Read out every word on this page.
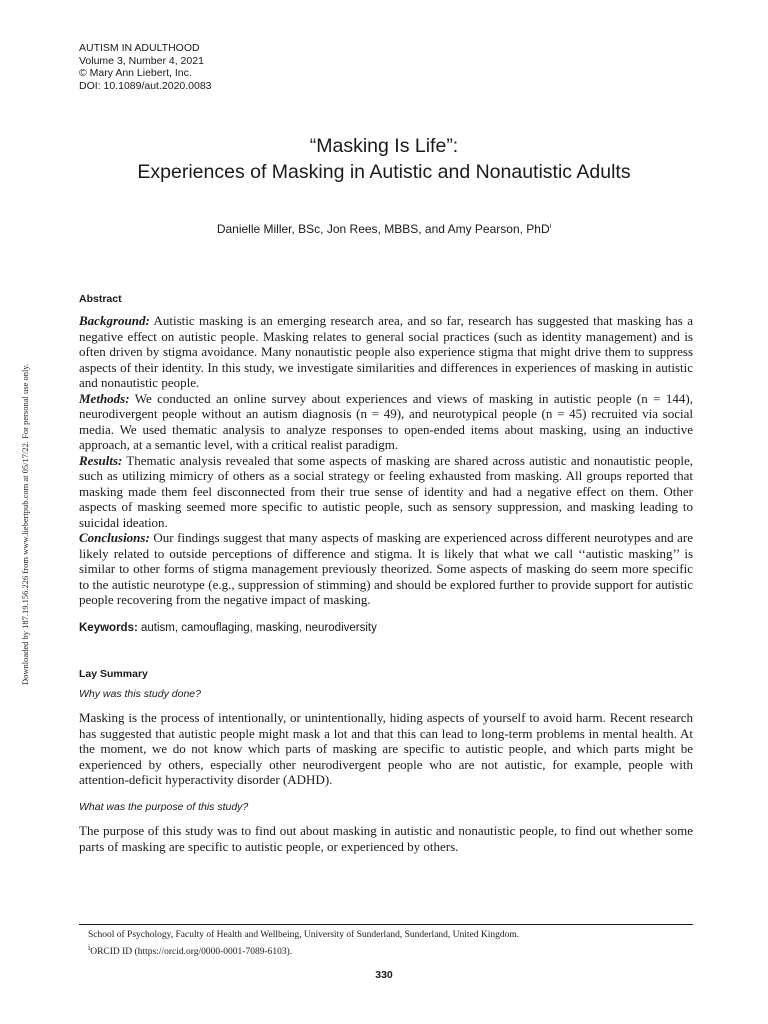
AUTISM IN ADULTHOOD
Volume 3, Number 4, 2021
© Mary Ann Liebert, Inc.
DOI: 10.1089/aut.2020.0083
Downloaded by 187.19.156.226 from www.liebertpub.com at 05/17/22. For personal use only.
“Masking Is Life”:
Experiences of Masking in Autistic and Nonautistic Adults
Danielle Miller, BSc, Jon Rees, MBBS, and Amy Pearson, PhD$^i$
Abstract

Background: Autistic masking is an emerging research area, and so far, research has suggested that masking has a negative effect on autistic people. Masking relates to general social practices (such as identity management) and is often driven by stigma avoidance. Many nonautistic people also experience stigma that might drive them to suppress aspects of their identity. In this study, we investigate similarities and differences in experiences of masking in autistic and nonautistic people.

Methods: We conducted an online survey about experiences and views of masking in autistic people (n = 144), neurodivergent people without an autism diagnosis (n = 49), and neurotypical people (n = 45) recruited via social media. We used thematic analysis to analyze responses to open-ended items about masking, using an inductive approach, at a semantic level, with a critical realist paradigm.

Results: Thematic analysis revealed that some aspects of masking are shared across autistic and nonautistic people, such as utilizing mimicry of others as a social strategy or feeling exhausted from masking. All groups reported that masking made them feel disconnected from their true sense of identity and had a negative effect on them. Other aspects of masking seemed more specific to autistic people, such as sensory suppression, and masking leading to suicidal ideation.

Conclusions: Our findings suggest that many aspects of masking are experienced across different neurotypes and are likely related to outside perceptions of difference and stigma. It is likely that what we call ‘‘autistic masking’’ is similar to other forms of stigma management previously theorized. Some aspects of masking do seem more specific to the autistic neurotype (e.g., suppression of stimming) and should be explored further to provide support for autistic people recovering from the negative impact of masking.

Keywords: autism, camouflaging, masking, neurodiversity
Lay Summary
Why was this study done?

Masking is the process of intentionally, or unintentionally, hiding aspects of yourself to avoid harm. Recent research has suggested that autistic people might mask a lot and that this can lead to long-term problems in mental health. At the moment, we do not know which parts of masking are specific to autistic people, and which parts might be experienced by others, especially other neurodivergent people who are not autistic, for example, people with attention-deficit hyperactivity disorder (ADHD).

What was the purpose of this study?

The purpose of this study was to find out about masking in autistic and nonautistic people, to find out whether some parts of masking are specific to autistic people, or experienced by others.

School of Psychology, Faculty of Health and Wellbeing, University of Sunderland, Sunderland, United Kingdom.
$^i$ORCID ID (https://orcid.org/0000-0001-7089-6103).
330
